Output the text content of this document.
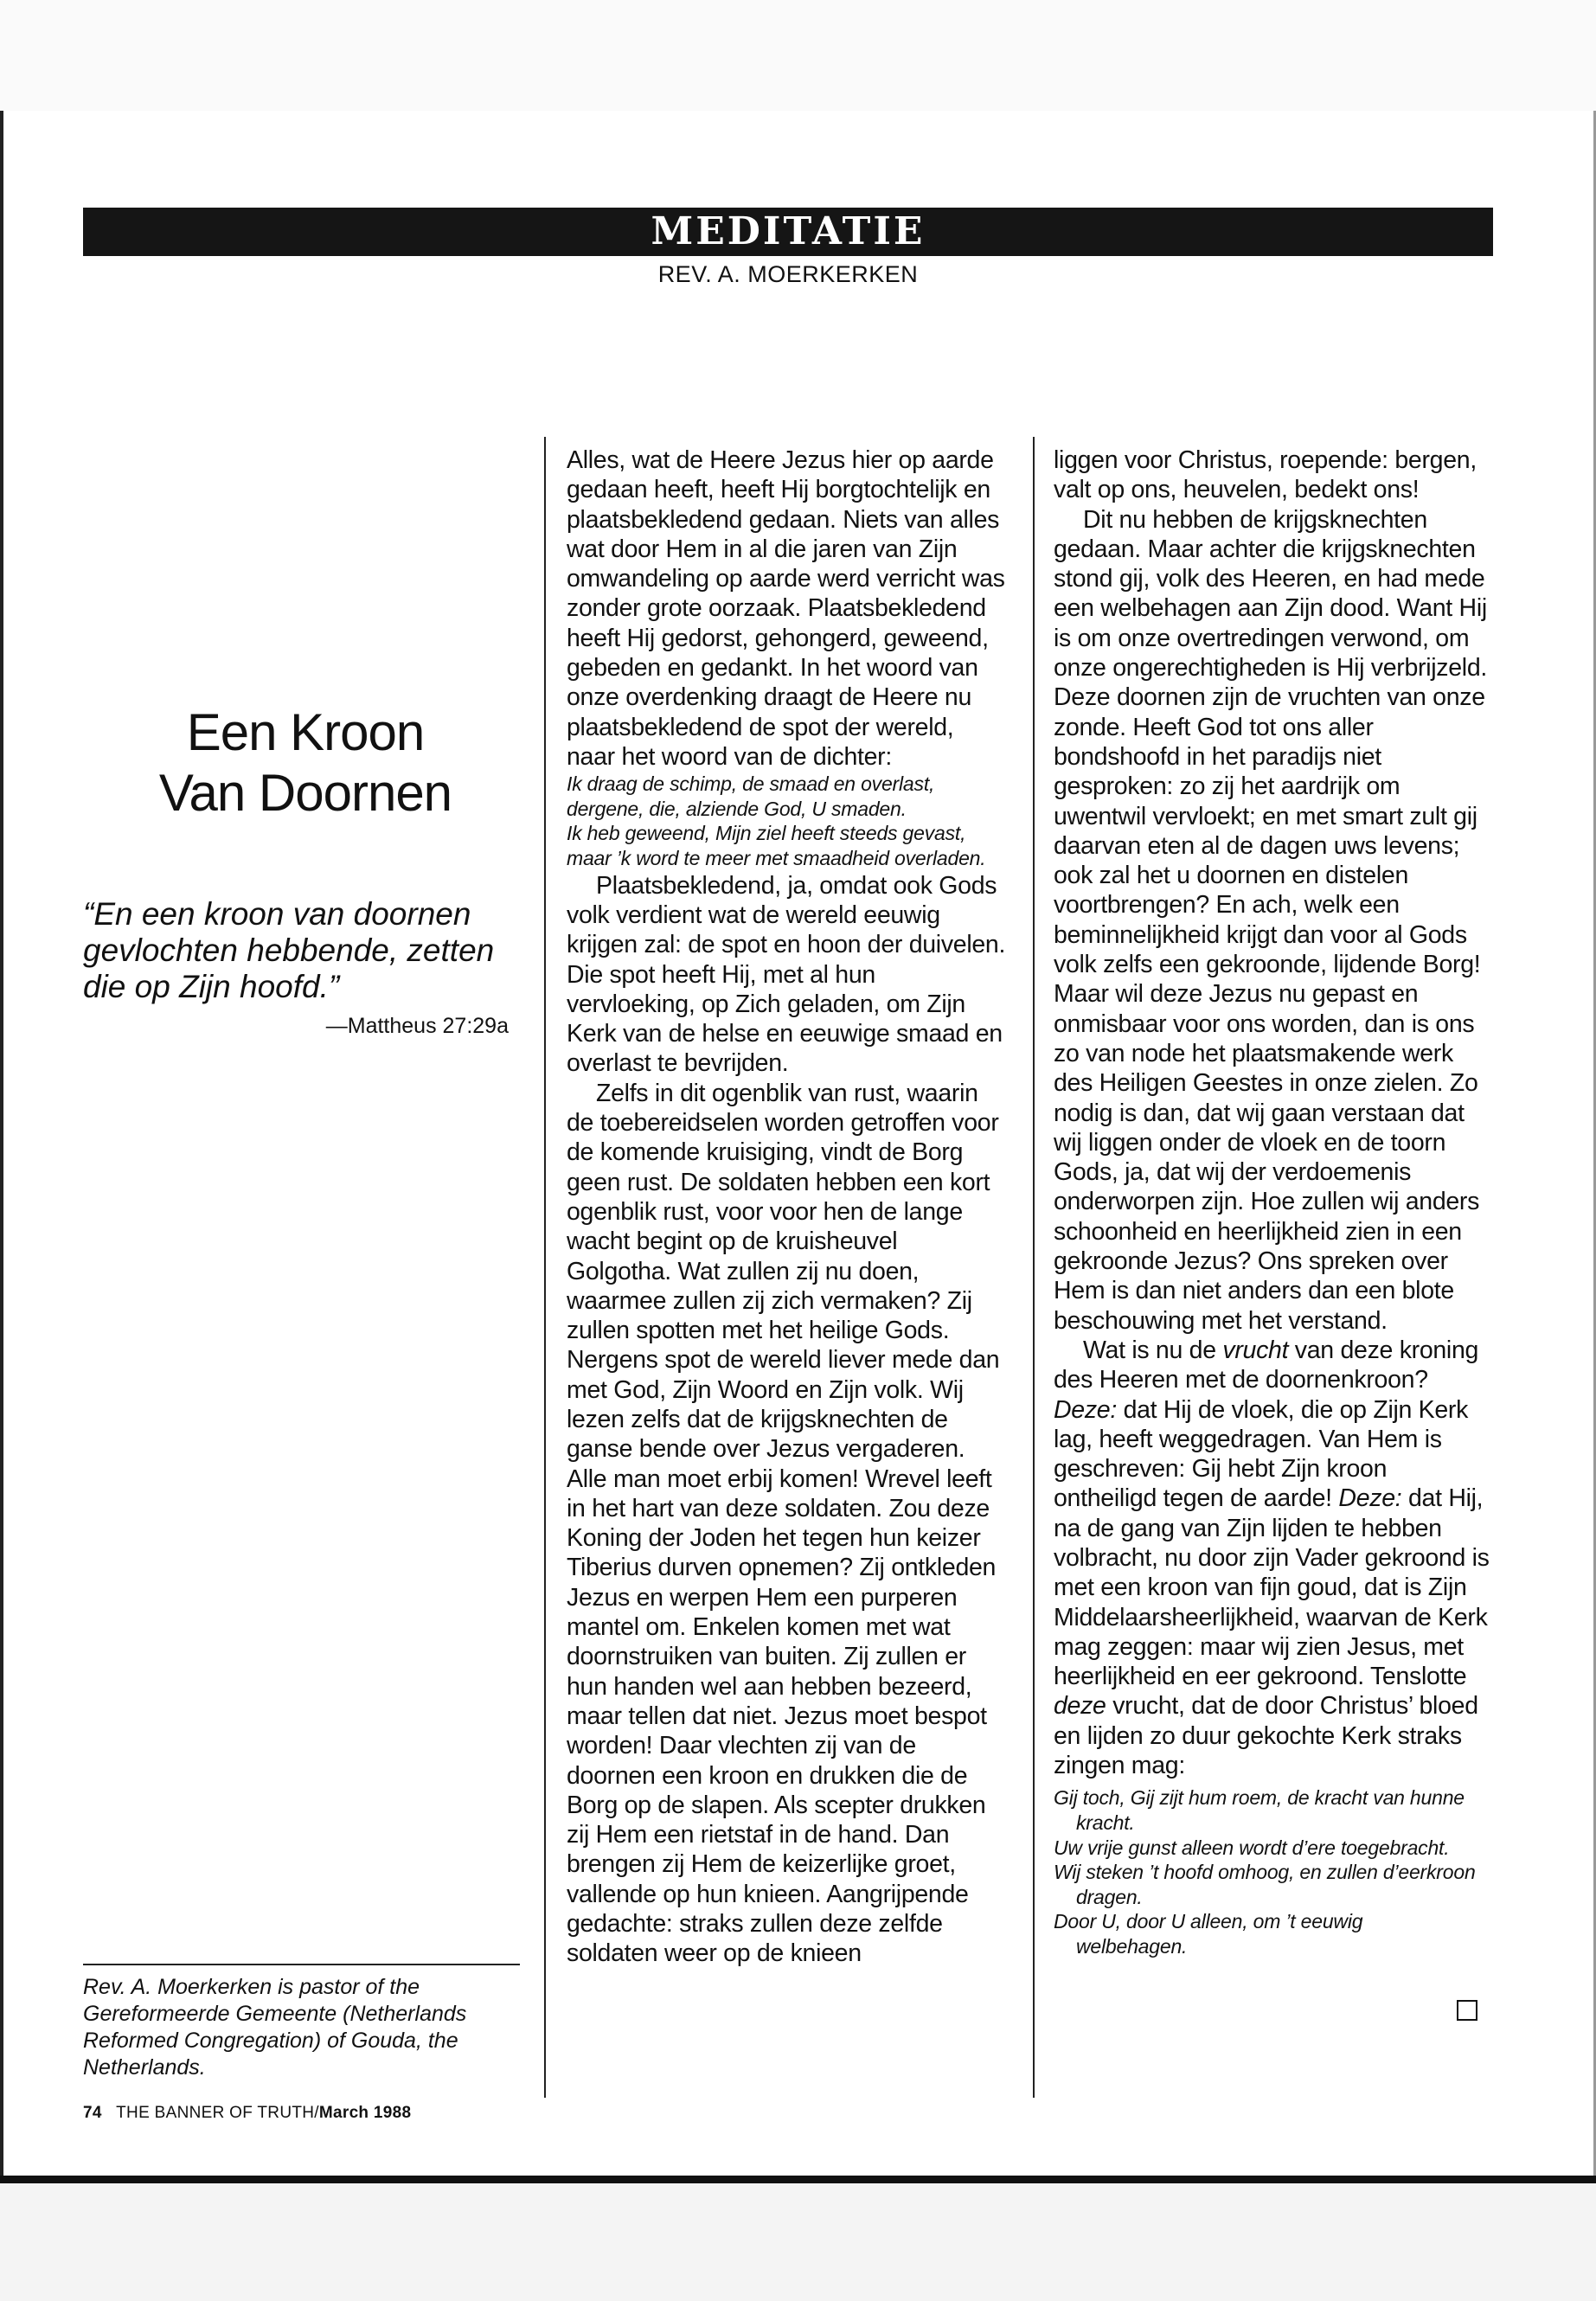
MEDITATIE
REV. A. MOERKERKEN
Een Kroon
Van Doornen
“En een kroon van doornen gevlochten hebbende, zetten die op Zijn hoofd.”
—Mattheus 27:29a
Rev. A. Moerkerken is pastor of the Gereformeerde Gemeente (Netherlands Reformed Congregation) of Gouda, the Netherlands.
74 THE BANNER OF TRUTH/March 1988

Alles, wat de Heere Jezus hier op aarde gedaan heeft, heeft Hij borgtochtelijk en plaatsbekledend gedaan. Niets van alles wat door Hem in al die jaren van Zijn omwandeling op aarde werd verricht was zonder grote oorzaak. Plaatsbekledend heeft Hij gedorst, gehongerd, geweend, gebeden en gedankt. In het woord van onze overdenking draagt de Heere nu plaatsbekledend de spot der wereld, naar het woord van de dichter:

Ik draag de schimp, de smaad en overlast,
dergene, die, alziende God, U smaden.
Ik heb geweend, Mijn ziel heeft steeds gevast,
maar ’k word te meer met smaadheid overladen.

Plaatsbekledend, ja, omdat ook Gods volk verdient wat de wereld eeuwig krijgen zal: de spot en hoon der duivelen. Die spot heeft Hij, met al hun vervloeking, op Zich geladen, om Zijn Kerk van de helse en eeuwige smaad en overlast te bevrijden.

Zelfs in dit ogenblik van rust, waarin de toebereidselen worden getroffen voor de komende kruisiging, vindt de Borg geen rust. De soldaten hebben een kort ogenblik rust, voor voor hen de lange wacht begint op de kruisheuvel Golgotha. Wat zullen zij nu doen, waarmee zullen zij zich vermaken? Zij zullen spotten met het heilige Gods. Nergens spot de wereld liever mede dan met God, Zijn Woord en Zijn volk. Wij lezen zelfs dat de krijgsknechten de ganse bende over Jezus vergaderen. Alle man moet erbij komen! Wrevel leeft in het hart van deze soldaten. Zou deze Koning der Joden het tegen hun keizer Tiberius durven opnemen? Zij ontkleden Jezus en werpen Hem een purperen mantel om. Enkelen komen met wat doornstruiken van buiten. Zij zullen er hun handen wel aan hebben bezeerd, maar tellen dat niet. Jezus moet bespot worden! Daar vlechten zij van de doornen een kroon en drukken die de Borg op de slapen. Als scepter drukken zij Hem een rietstaf in de hand. Dan brengen zij Hem de keizerlijke groet, vallende op hun knieen. Aangrijpende gedachte: straks zullen deze zelfde soldaten weer op de knieen

liggen voor Christus, roepende: bergen, valt op ons, heuvelen, bedekt ons!

Dit nu hebben de krijgsknechten gedaan. Maar achter die krijgsknechten stond gij, volk des Heeren, en had mede een welbehagen aan Zijn dood. Want Hij is om onze overtredingen verwond, om onze ongerechtigheden is Hij verbrijzeld. Deze doornen zijn de vruchten van onze zonde. Heeft God tot ons aller bondshoofd in het paradijs niet gesproken: zo zij het aardrijk om uwentwil vervloekt; en met smart zult gij daarvan eten al de dagen uws levens; ook zal het u doornen en distelen voortbrengen? En ach, welk een beminnelijkheid krijgt dan voor al Gods volk zelfs een gekroonde, lijdende Borg! Maar wil deze Jezus nu gepast en onmisbaar voor ons worden, dan is ons zo van node het plaatsmakende werk des Heiligen Geestes in onze zielen. Zo nodig is dan, dat wij gaan verstaan dat wij liggen onder de vloek en de toorn Gods, ja, dat wij der verdoemenis onderworpen zijn. Hoe zullen wij anders schoonheid en heerlijkheid zien in een gekroonde Jezus? Ons spreken over Hem is dan niet anders dan een blote beschouwing met het verstand.

Wat is nu de vrucht van deze kroning des Heeren met de doornenkroon? Deze: dat Hij de vloek, die op Zijn Kerk lag, heeft weggedragen. Van Hem is geschreven: Gij hebt Zijn kroon ontheiligd tegen de aarde! Deze: dat Hij, na de gang van Zijn lijden te hebben volbracht, nu door zijn Vader gekroond is met een kroon van fijn goud, dat is Zijn Middelaarsheerlijkheid, waarvan de Kerk mag zeggen: maar wij zien Jesus, met heerlijkheid en eer gekroond. Tenslotte deze vrucht, dat de door Christus’ bloed en lijden zo duur gekochte Kerk straks zingen mag:

Gij toch, Gij zijt hum roem, de kracht van hunne kracht.
Uw vrije gunst alleen wordt d’ere toegebracht.
Wij steken ’t hoofd omhoog, en zullen d’eerkroon dragen.
Door U, door U alleen, om ’t eeuwig welbehagen.
